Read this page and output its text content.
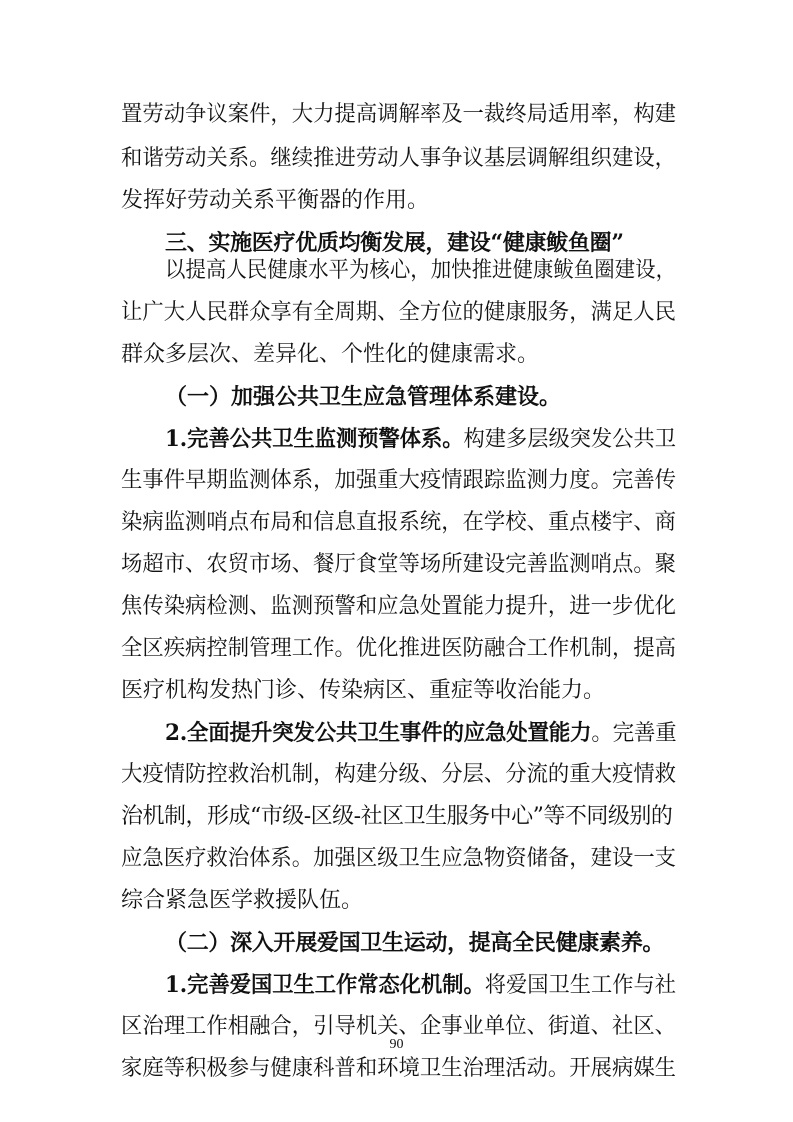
置劳动争议案件，大力提高调解率及一裁终局适用率，构建
和谐劳动关系。继续推进劳动人事争议基层调解组织建设，
发挥好劳动关系平衡器的作用。
三、实施医疗优质均衡发展，建设“健康鲅鱼圈”
以提高人民健康水平为核心，加快推进健康鲅鱼圈建设，
让广大人民群众享有全周期、全方位的健康服务，满足人民
群众多层次、差异化、个性化的健康需求。
（一）加强公共卫生应急管理体系建设。
1.完善公共卫生监测预警体系。构建多层级突发公共卫
生事件早期监测体系，加强重大疫情跟踪监测力度。完善传
染病监测哨点布局和信息直报系统，在学校、重点楼宇、商
场超市、农贸市场、餐厅食堂等场所建设完善监测哨点。聚
焦传染病检测、监测预警和应急处置能力提升，进一步优化
全区疾病控制管理工作。优化推进医防融合工作机制，提高
医疗机构发热门诊、传染病区、重症等收治能力。
2.全面提升突发公共卫生事件的应急处置能力。完善重
大疫情防控救治机制，构建分级、分层、分流的重大疫情救
治机制，形成“市级-区级-社区卫生服务中心”等不同级别的
应急医疗救治体系。加强区级卫生应急物资储备，建设一支
综合紧急医学救援队伍。
（二）深入开展爱国卫生运动，提高全民健康素养。
1.完善爱国卫生工作常态化机制。将爱国卫生工作与社
区治理工作相融合，引导机关、企事业单位、街道、社区、
家庭等积极参与健康科普和环境卫生治理活动。开展病媒生
90
